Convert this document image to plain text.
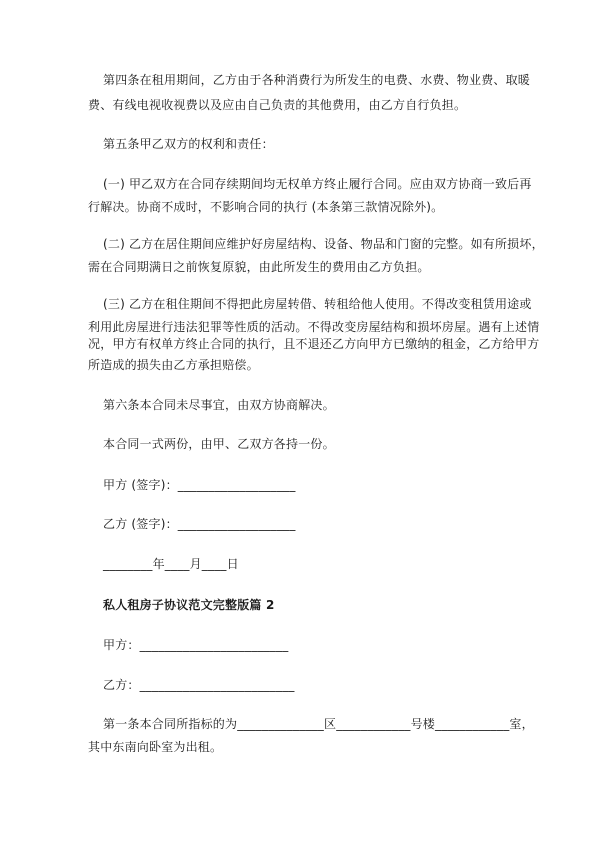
第四条在租用期间，乙方由于各种消费行为所发生的电费、水费、物业费、取暖
费、有线电视收视费以及应由自己负责的其他费用，由乙方自行负担。
第五条甲乙双方的权利和责任：
(一) 甲乙双方在合同存续期间均无权单方终止履行合同。应由双方协商一致后再
行解决。协商不成时，不影响合同的执行 (本条第三款情况除外)。
(二) 乙方在居住期间应维护好房屋结构、设备、物品和门窗的完整。如有所损坏，
需在合同期满日之前恢复原貌，由此所发生的费用由乙方负担。
(三) 乙方在租住期间不得把此房屋转借、转租给他人使用。不得改变租赁用途或
利用此房屋进行违法犯罪等性质的活动。不得改变房屋结构和损坏房屋。遇有上述情
况，甲方有权单方终止合同的执行，且不退还乙方向甲方已缴纳的租金，乙方给甲方
所造成的损失由乙方承担赔偿。
第六条本合同未尽事宜，由双方协商解决。
本合同一式两份，由甲、乙双方各持一份。
甲方 (签字)：___________________
乙方 (签字)：___________________
________年____月____日
私人租房子协议范文完整版篇 2
甲方：________________________
乙方：_________________________
第一条本合同所指标的为______________区____________号楼____________室，
其中东南向卧室为出租。
